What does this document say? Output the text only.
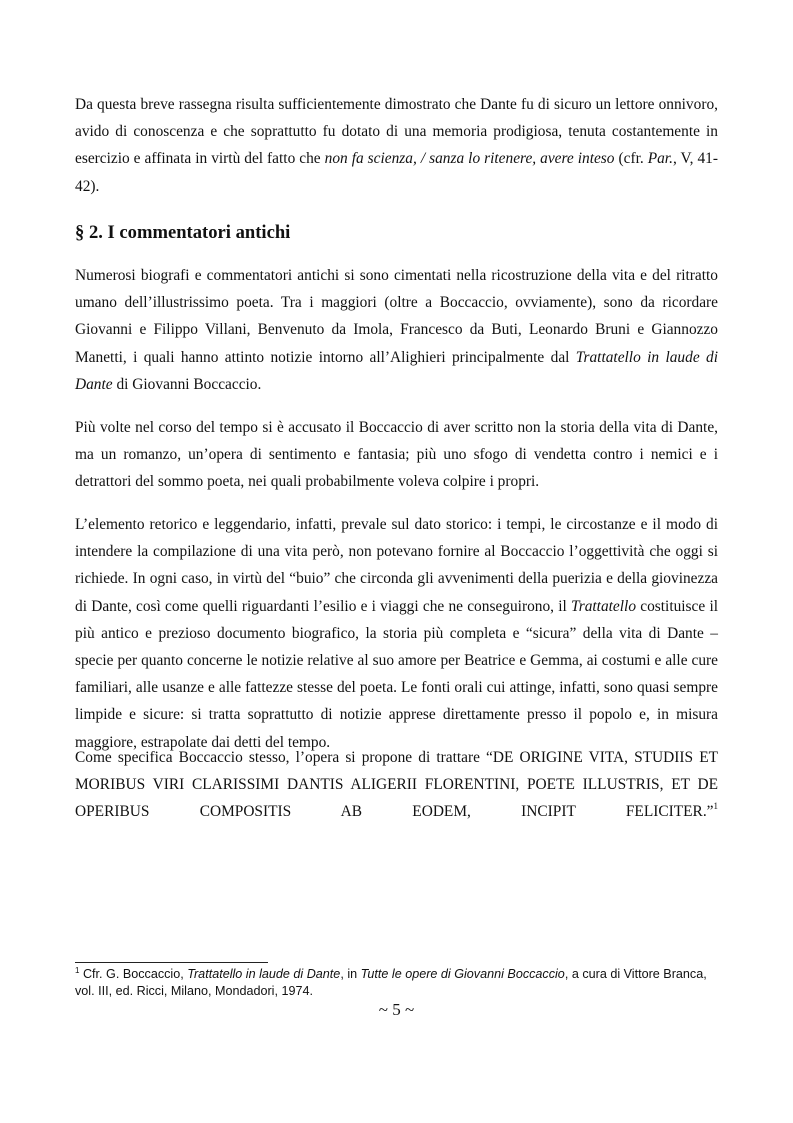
Da questa breve rassegna risulta sufficientemente dimostrato che Dante fu di sicuro un lettore onnivoro, avido di conoscenza e che soprattutto fu dotato di una memoria prodigiosa, tenuta costantemente in esercizio e affinata in virtù del fatto che non fa scienza, / sanza lo ritenere, avere inteso (cfr. Par., V, 41-42).

§ 2. I commentatori antichi

Numerosi biografi e commentatori antichi si sono cimentati nella ricostruzione della vita e del ritratto umano dell’illustrissimo poeta. Tra i maggiori (oltre a Boccaccio, ovviamente), sono da ricordare Giovanni e Filippo Villani, Benvenuto da Imola, Francesco da Buti, Leonardo Bruni e Giannozzo Manetti, i quali hanno attinto notizie intorno all’Alighieri principalmente dal Trattatello in laude di Dante di Giovanni Boccaccio.

Più volte nel corso del tempo si è accusato il Boccaccio di aver scritto non la storia della vita di Dante, ma un romanzo, un’opera di sentimento e fantasia; più uno sfogo di vendetta contro i nemici e i detrattori del sommo poeta, nei quali probabilmente voleva colpire i propri.

L’elemento retorico e leggendario, infatti, prevale sul dato storico: i tempi, le circostanze e il modo di intendere la compilazione di una vita però, non potevano fornire al Boccaccio l’oggettività che oggi si richiede. In ogni caso, in virtù del “buio” che circonda gli avvenimenti della puerizia e della giovinezza di Dante, così come quelli riguardanti l’esilio e i viaggi che ne conseguirono, il Trattatello costituisce il più antico e prezioso documento biografico, la storia più completa e “sicura” della vita di Dante – specie per quanto concerne le notizie relative al suo amore per Beatrice e Gemma, ai costumi e alle cure familiari, alle usanze e alle fattezze stesse del poeta. Le fonti orali cui attinge, infatti, sono quasi sempre limpide e sicure: si tratta soprattutto di notizie apprese direttamente presso il popolo e, in misura maggiore, estrapolate dai detti del tempo.

Come specifica Boccaccio stesso, l’opera si propone di trattare “DE ORIGINE VITA, STUDIIS ET MORIBUS VIRI CLARISSIMI DANTIS ALIGERII FLORENTINI, POETE ILLUSTRIS, ET DE OPERIBUS COMPOSITIS AB EODEM, INCIPIT FELICITER.”$^1$

$^1$ Cfr. G. Boccaccio, Trattatello in laude di Dante, in Tutte le opere di Giovanni Boccaccio, a cura di Vittore Branca, vol. III, ed. Ricci, Milano, Mondadori, 1974.

~ 5 ~
